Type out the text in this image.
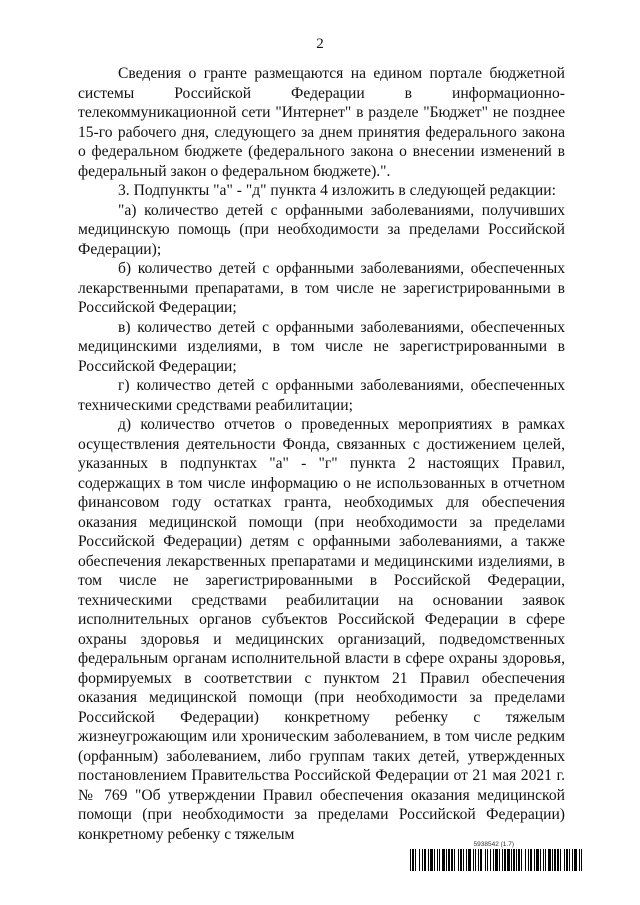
2

Сведения о гранте размещаются на едином портале бюджетной системы Российской Федерации в информационно-телекоммуникационной сети "Интернет" в разделе "Бюджет" не позднее 15-го рабочего дня, следующего за днем принятия федерального закона о федеральном бюджете (федерального закона о внесении изменений в федеральный закон о федеральном бюджете).".

3. Подпункты "а" - "д" пункта 4 изложить в следующей редакции:

"а) количество детей с орфанными заболеваниями, получивших медицинскую помощь (при необходимости за пределами Российской Федерации);

б) количество детей с орфанными заболеваниями, обеспеченных лекарственными препаратами, в том числе не зарегистрированными в Российской Федерации;

в) количество детей с орфанными заболеваниями, обеспеченных медицинскими изделиями, в том числе не зарегистрированными в Российской Федерации;

г) количество детей с орфанными заболеваниями, обеспеченных техническими средствами реабилитации;

д) количество отчетов о проведенных мероприятиях в рамках осуществления деятельности Фонда, связанных с достижением целей, указанных в подпунктах "а" - "г" пункта 2 настоящих Правил, содержащих в том числе информацию о не использованных в отчетном финансовом году остатках гранта, необходимых для обеспечения оказания медицинской помощи (при необходимости за пределами Российской Федерации) детям с орфанными заболеваниями, а также обеспечения лекарственных препаратами и медицинскими изделиями, в том числе не зарегистрированными в Российской Федерации, техническими средствами реабилитации на основании заявок исполнительных органов субъектов Российской Федерации в сфере охраны здоровья и медицинских организаций, подведомственных федеральным органам исполнительной власти в сфере охраны здоровья, формируемых в соответствии с пунктом 21 Правил обеспечения оказания медицинской помощи (при необходимости за пределами Российской Федерации) конкретному ребенку с тяжелым жизнеугрожающим или хроническим заболеванием, в том числе редким (орфанным) заболеванием, либо группам таких детей, утвержденных постановлением Правительства Российской Федерации от 21 мая 2021 г. № 769 "Об утверждении Правил обеспечения оказания медицинской помощи (при необходимости за пределами Российской Федерации) конкретному ребенку с тяжелым

5938542 (1.7)
